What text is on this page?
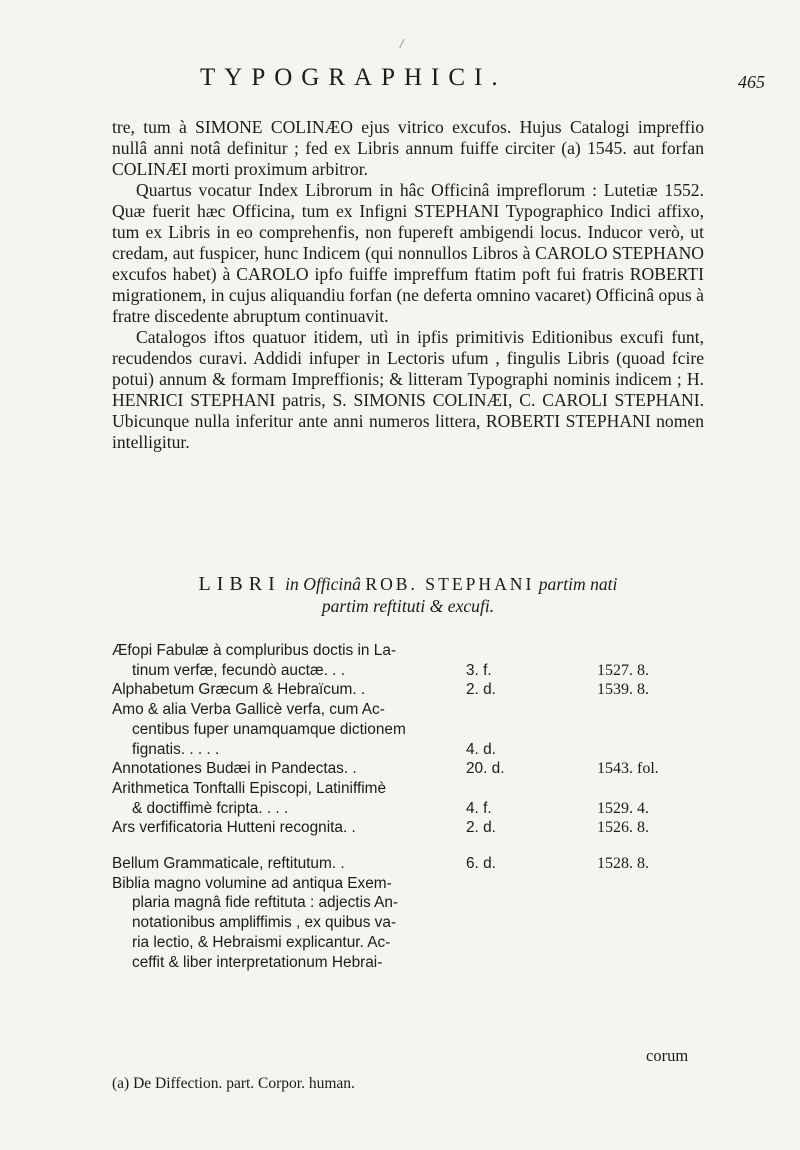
TYPOGRAPHICI.	465

tre, tum à SIMONE COLINÆO ejus vitrico excufos. Hujus Catalogi impreffio nullâ anni notâ definitur ; fed ex Libris annum fuiffe circiter (a) 1545. aut forfan COLINÆI morti proximum arbitror.

Quartus vocatur Index Librorum in hâc Officinâ impreflorum : Lutetiæ 1552. Quæ fuerit hæc Officina, tum ex Infigni STEPHANI Typographico Indici affixo, tum ex Libris in eo comprehenfis, non fupereft ambigendi locus. Inducor verò, ut credam, aut fuspicer, hunc Indicem (qui nonnullos Libros à CAROLO STEPHANO excufos habet) à CAROLO ipfo fuiffe impreffum ftatim poft fui fratris ROBERTI migrationem, in cujus aliquandiu forfan (ne deferta omnino vacaret) Officinâ opus à fratre discedente abruptum continuavit.

Catalogos iftos quatuor itidem, utì in ipfis primitivis Editionibus excufi funt, recudendos curavi. Addidi infuper in Lectoris ufum , fingulis Libris (quoad fcire potui) annum & formam Impreffionis; & litteram Typographi nominis indicem ; H. HENRICI STEPHANI patris, S. SIMONIS COLINÆI, C. CAROLI STEPHANI. Ubicunque nulla inferitur ante anni numeros littera, ROBERTI STEPHANI nomen intelligitur.

LIBRI in Officinâ ROB. STEPHANI partim nati
partim reftituti & excufi.
Æfopi Fabulæ à compluribus doctis in La-
tinum verfæ, fecundò auctæ. . .	3. f.	1527. 8.
Alphabetum Græcum & Hebraïcum. .	2. d.	1539. 8.
Amo & alia Verba Gallicè verfa, cum Ac-
centibus fuper unamquamque dictionem
fignatis. . . . .	4. d.
Annotationes Budæi in Pandectas. .	20. d.	1543. fol.
Arithmetica Tonftalli Episcopi, Latiniffimè
& doctiffimè fcripta. . . .	4. f.	1529. 4.
Ars verfificatoria Hutteni recognita. .	2. d.	1526. 8.
Bellum Grammaticale, reftitutum. .	6. d.	1528. 8.
Biblia magno volumine ad antiqua Exem-
plaria magnâ fide reftituta : adjectis An-
notationibus ampliffimis , ex quibus va-
ria lectio, & Hebraismi explicantur. Ac-
ceffit & liber interpretationum Hebrai-
corum
(a) De Diffectiоn. part. Corpor. human.
